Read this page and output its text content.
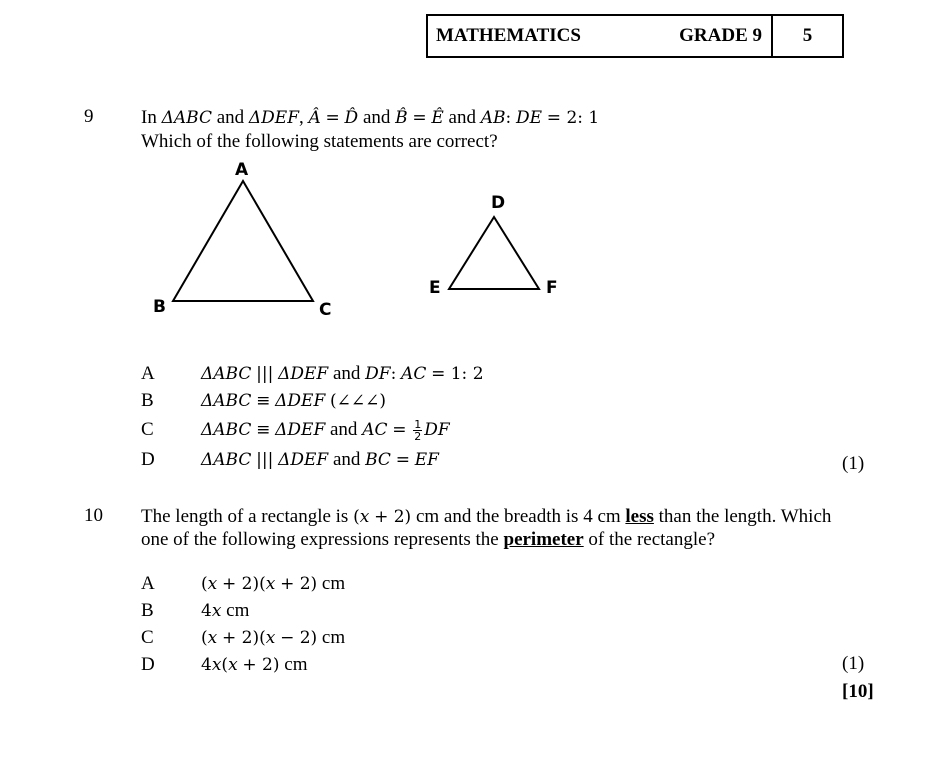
MATHEMATICS	GRADE 9	5
9	In ΔABC and ΔDEF, Â = D̂ and B̂ = Ê and AB: DE = 2: 1
Which of the following statements are correct?
A
B	C
D
E	F
A	ΔABC ||| ΔDEF and DF: AC = 1: 2
B	ΔABC ≡ ΔDEF (∠∠∠)
C	ΔABC ≡ ΔDEF and AC = $\frac{1}{2}$ DF
D	ΔABC ||| ΔDEF and BC = EF	(1)
10 The length of a rectangle is (x + 2) cm and the breadth is 4 cm less than the length. Which
one of the following expressions represents the perimeter of the rectangle?
A	(x + 2)(x + 2) cm
B	4x cm
C	(x + 2)(x − 2) cm
D	4x(x + 2) cm	(1)
[10]
